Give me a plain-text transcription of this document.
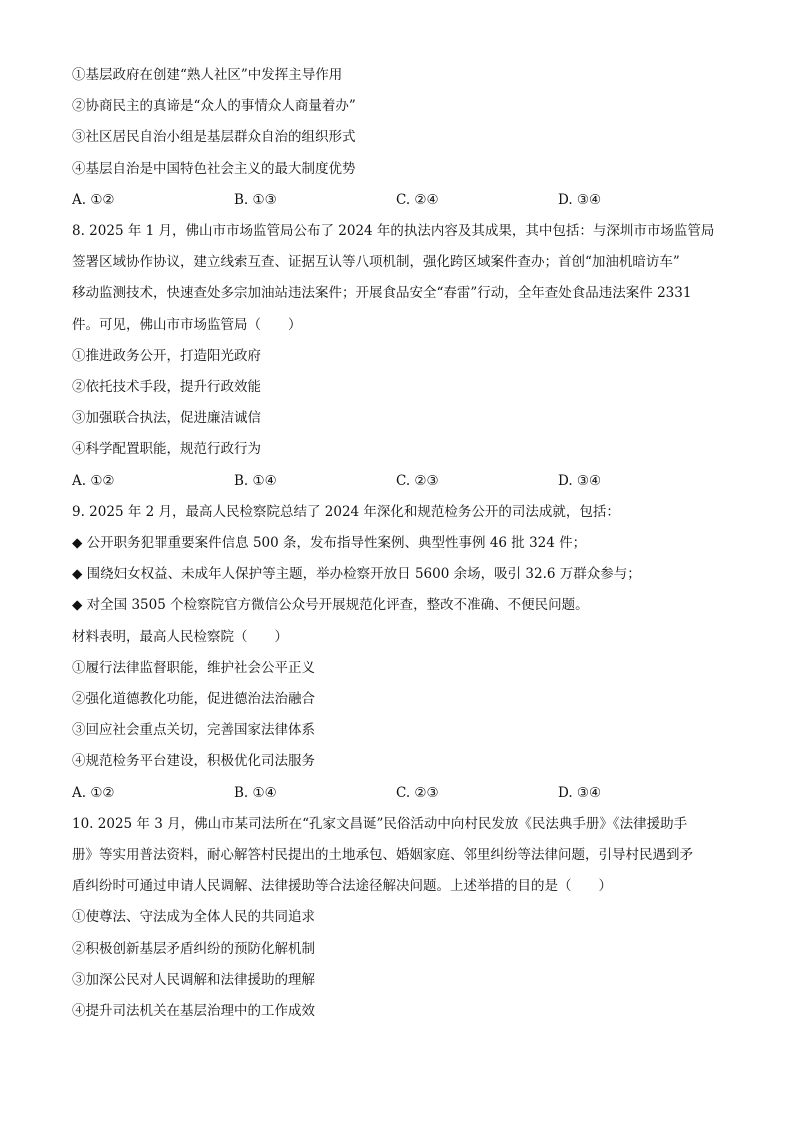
①基层政府在创建“熟人社区”中发挥主导作用
②协商民主的真谛是“众人的事情众人商量着办”
③社区居民自治小组是基层群众自治的组织形式
④基层自治是中国特色社会主义的最大制度优势
A. ①②	B. ①③	C. ②④	D. ③④
8. 2025 年 1 月，佛山市市场监管局公布了 2024 年的执法内容及其成果，其中包括：与深圳市市场监管局
签署区域协作协议，建立线索互查、证据互认等八项机制，强化跨区域案件查办；首创“加油机暗访车”
移动监测技术，快速查处多宗加油站违法案件；开展食品安全“春雷”行动，全年查处食品违法案件 2331
件。可见，佛山市市场监管局（　　）
①推进政务公开，打造阳光政府
②依托技术手段，提升行政效能
③加强联合执法，促进廉洁诚信
④科学配置职能，规范行政行为
A. ①②	B. ①④	C. ②③	D. ③④
9. 2025 年 2 月，最高人民检察院总结了 2024 年深化和规范检务公开的司法成就，包括：
◆ 公开职务犯罪重要案件信息 500 条，发布指导性案例、典型性事例 46 批 324 件；
◆ 围绕妇女权益、未成年人保护等主题，举办检察开放日 5600 余场，吸引 32.6 万群众参与；
◆ 对全国 3505 个检察院官方微信公众号开展规范化评查，整改不准确、不便民问题。
材料表明，最高人民检察院（　　）
①履行法律监督职能，维护社会公平正义
②强化道德教化功能，促进德治法治融合
③回应社会重点关切，完善国家法律体系
④规范检务平台建设，积极优化司法服务
A. ①②	B. ①④	C. ②③	D. ③④
10. 2025 年 3 月，佛山市某司法所在“孔家文昌诞”民俗活动中向村民发放《民法典手册》《法律援助手
册》等实用普法资料，耐心解答村民提出的土地承包、婚姻家庭、邻里纠纷等法律问题，引导村民遇到矛
盾纠纷时可通过申请人民调解、法律援助等合法途径解决问题。上述举措的目的是（　　）
①使尊法、守法成为全体人民的共同追求
②积极创新基层矛盾纠纷的预防化解机制
③加深公民对人民调解和法律援助的理解
④提升司法机关在基层治理中的工作成效
